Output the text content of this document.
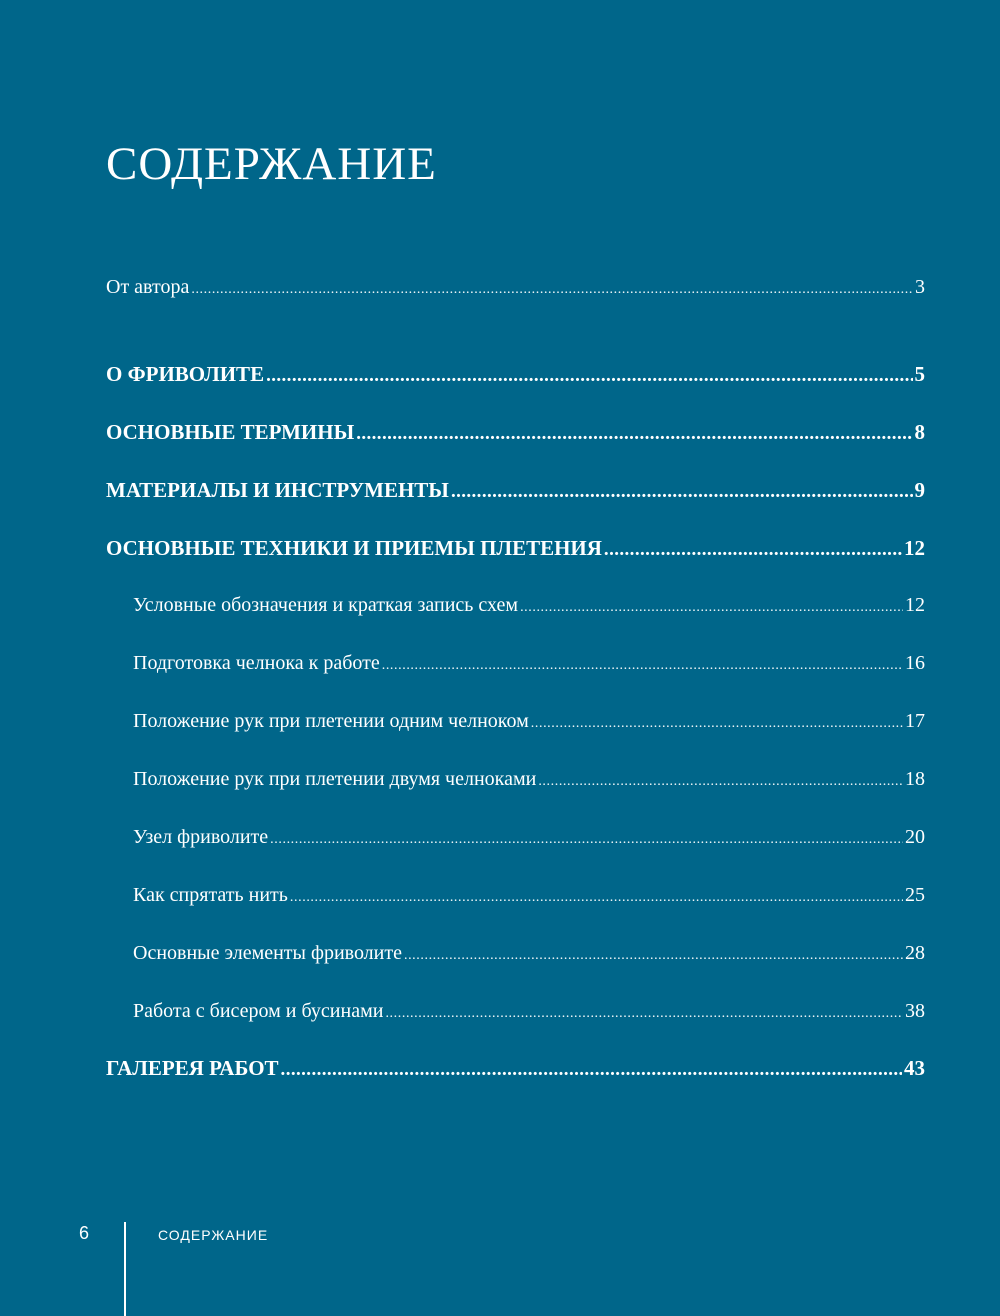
СОДЕРЖАНИЕ
От автора .....	3
О ФРИВОЛИТЕ .....	5
ОСНОВНЫЕ ТЕРМИНЫ .....	8
МАТЕРИАЛЫ И ИНСТРУМЕНТЫ .....	9
ОСНОВНЫЕ ТЕХНИКИ И ПРИЕМЫ ПЛЕТЕНИЯ .....	12
Условные обозначения и краткая запись схем .....	12
Подготовка челнока к работе .....	16
Положение рук при плетении одним челноком .....	17
Положение рук при плетении двумя челноками .....	18
Узел фриволите .....	20
Как спрятать нить .....	25
Основные элементы фриволите .....	28
Работа с бисером и бусинами .....	38
ГАЛЕРЕЯ РАБОТ .....	43
6	СОДЕРЖАНИЕ
